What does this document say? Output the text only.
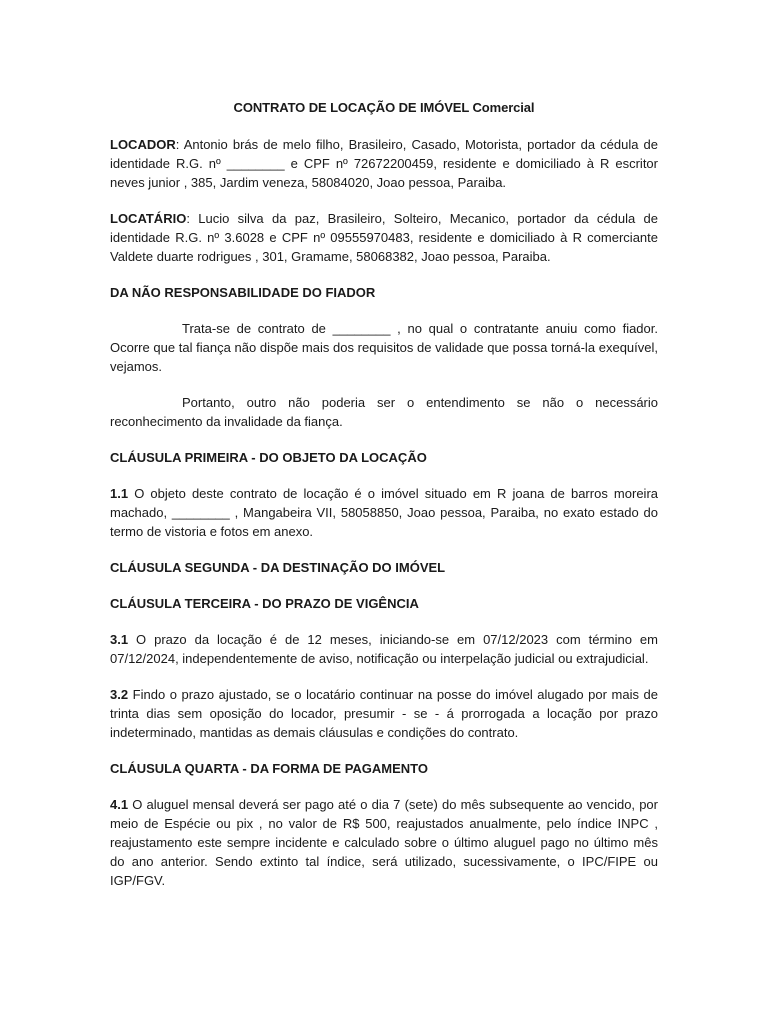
CONTRATO DE LOCAÇÃO DE IMÓVEL Comercial

LOCADOR: Antonio brás de melo filho, Brasileiro, Casado, Motorista, portador da cédula de identidade R.G. nº ________ e CPF nº 72672200459, residente e domiciliado à R escritor neves junior , 385, Jardim veneza, 58084020, Joao pessoa, Paraiba.

LOCATÁRIO: Lucio silva da paz, Brasileiro, Solteiro, Mecanico, portador da cédula de identidade R.G. nº 3.6028 e CPF nº 09555970483, residente e domiciliado à R comerciante Valdete duarte rodrigues , 301, Gramame, 58068382, Joao pessoa, Paraiba.

DA NÃO RESPONSABILIDADE DO FIADOR

Trata-se de contrato de ________ , no qual o contratante anuiu como fiador. Ocorre que tal fiança não dispõe mais dos requisitos de validade que possa torná-la exequível, vejamos.

Portanto, outro não poderia ser o entendimento se não o necessário reconhecimento da invalidade da fiança.

CLÁUSULA PRIMEIRA - DO OBJETO DA LOCAÇÃO

1.1 O objeto deste contrato de locação é o imóvel situado em R joana de barros moreira machado, ________ , Mangabeira VII, 58058850, Joao pessoa, Paraiba, no exato estado do termo de vistoria e fotos em anexo.

CLÁUSULA SEGUNDA - DA DESTINAÇÃO DO IMÓVEL
CLÁUSULA TERCEIRA - DO PRAZO DE VIGÊNCIA

3.1 O prazo da locação é de 12 meses, iniciando-se em 07/12/2023 com término em 07/12/2024, independentemente de aviso, notificação ou interpelação judicial ou extrajudicial.

3.2 Findo o prazo ajustado, se o locatário continuar na posse do imóvel alugado por mais de trinta dias sem oposição do locador, presumir - se - á prorrogada a locação por prazo indeterminado, mantidas as demais cláusulas e condições do contrato.

CLÁUSULA QUARTA - DA FORMA DE PAGAMENTO

4.1 O aluguel mensal deverá ser pago até o dia 7 (sete) do mês subsequente ao vencido, por meio de Espécie ou pix , no valor de R$ 500, reajustados anualmente, pelo índice INPC , reajustamento este sempre incidente e calculado sobre o último aluguel pago no último mês do ano anterior. Sendo extinto tal índice, será utilizado, sucessivamente, o IPC/FIPE ou IGP/FGV.
